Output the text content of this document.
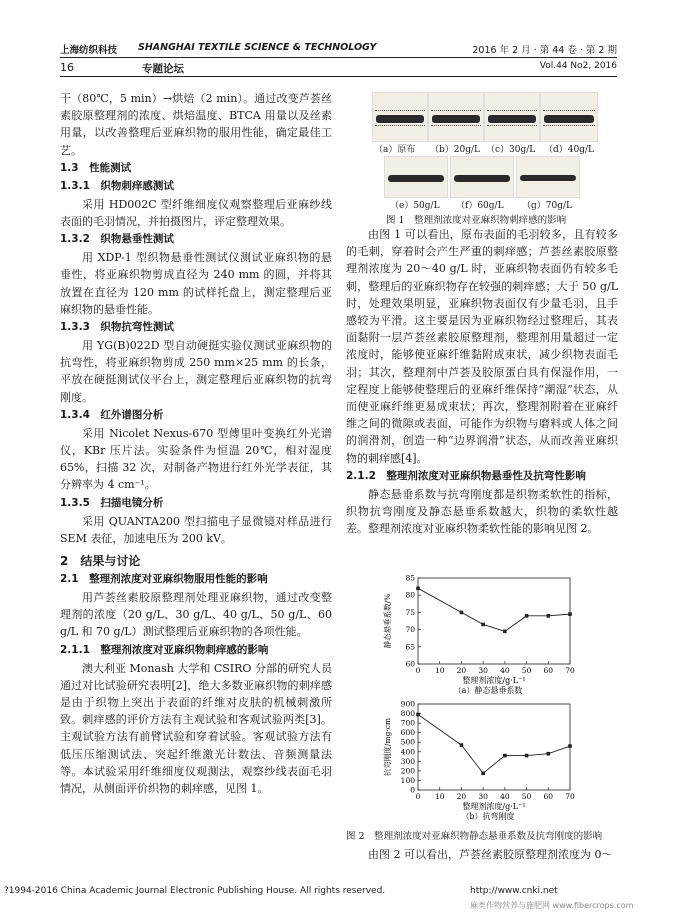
上海纺织科技 SHANGHAI TEXTILE SCIENCE & TECHNOLOGY	2016 年 2 月 · 第 44 卷 · 第 2 期
16	专题论坛	Vol.44 No2, 2016

干（80℃，5 min）→烘焙（2 min）。通过改变芦荟丝素胶原整理剂的浓度、烘焙温度、BTCA 用量以及丝素用量，以改善整理后亚麻织物的服用性能，确定最佳工艺。

1.3　性能测试
1.3.1　织物刺痒感测试

采用 HD002C 型纤维细度仪观察整理后亚麻纱线表面的毛羽情况，并拍摄图片，评定整理效果。

1.3.2　织物悬垂性测试

用 XDP-1 型织物悬垂性测试仪测试亚麻织物的悬垂性，将亚麻织物剪成直径为 240 mm 的圆，并将其放置在直径为 120 mm 的试样托盘上，测定整理后亚麻织物的悬垂性能。

1.3.3　织物抗弯性测试

用 YG(B)022D 型自动硬挺实验仪测试亚麻织物的抗弯性，将亚麻织物剪成 250 mm×25 mm 的长条，平放在硬挺测试仪平台上，测定整理后亚麻织物的抗弯刚度。

1.3.4　红外谱图分析

采用 Nicolet Nexus-670 型傅里叶变换红外光谱仪，KBr 压片法。实验条件为恒温 20℃，相对湿度 65%，扫描 32 次，对制备产物进行红外光学表征，其分辨率为 4 cm⁻¹。

1.3.5　扫描电镜分析

采用 QUANTA200 型扫描电子显微镜对样品进行 SEM 表征，加速电压为 200 kV。

2　结果与讨论
2.1　整理剂浓度对亚麻织物服用性能的影响

用芦荟丝素胶原整理剂处理亚麻织物，通过改变整理剂的浓度（20 g/L、30 g/L、40 g/L、50 g/L、60 g/L 和 70 g/L）测试整理后亚麻织物的各项性能。

2.1.1　整理剂浓度对亚麻织物刺痒感的影响

澳大利亚 Monash 大学和 CSIRO 分部的研究人员通过对比试验研究表明[2]，绝大多数亚麻织物的刺痒感是由于织物上突出于表面的纤维对皮肤的机械刺激所致。刺痒感的评价方法有主观试验和客观试验两类[3]。主观试验方法有前臂试验和穿着试验。客观试验方法有低压压缩测试法、突起纤维激光计数法、音频测量法等。本试验采用纤维细度仪观测法，观察纱线表面毛羽情况，从侧面评价织物的刺痒感，见图 1。

（a）原布 （b）20g/L （c）30g/L （d）40g/L
（e）50g/L （f）60g/L （g）70g/L
图 1　整理剂浓度对亚麻织物刺痒感的影响

由图 1 可以看出，原布表面的毛羽较多，且有较多的毛刺，穿着时会产生严重的刺痒感；芦荟丝素胶原整理剂浓度为 20～40 g/L 时，亚麻织物表面仍有较多毛刺，整理后的亚麻织物存在较强的刺痒感；大于 50 g/L 时，处理效果明显，亚麻织物表面仅有少量毛羽，且手感较为平滑。这主要是因为亚麻织物经过整理后，其表面黏附一层芦荟丝素胶原整理剂，整理剂用量超过一定浓度时，能够使亚麻纤维黏附成束状，减少织物表面毛羽；其次，整理剂中芦荟及胶原蛋白具有保湿作用，一定程度上能够使整理后的亚麻纤维保持“潮湿”状态，从而使亚麻纤维更易成束状；再次，整理剂附着在亚麻纤维之间的微隙或表面，可能作为织物与磨料或人体之间的润滑剂，创造一种“边界润滑”状态，从而改善亚麻织物的刺痒感[4]。

2.1.2　整理剂浓度对亚麻织物悬垂性及抗弯性影响

静态悬垂系数与抗弯刚度都是织物柔软性的指标，织物抗弯刚度及静态悬垂系数越大，织物的柔软性越差。整理剂浓度对亚麻织物柔软性能的影响见图 2。

0 10 20 30 40 50 60 70
60
65
70
75
80
85
整理剂浓度/g·L⁻¹
静态悬垂系数/%
（a）静态悬垂系数
0 10 20 30 40 50 60 70
0
100
200
300
400
500
600
700
800
900
整理剂浓度/g·L⁻¹
抗弯刚度/mg·cm
（b）抗弯刚度
图 2　整理剂浓度对亚麻织物静态悬垂系数及抗弯刚度的影响

由图 2 可以看出，芦荟丝素胶原整理剂浓度为 0～

?1994-2016 China Academic Journal Electronic Publishing House. All rights reserved.	http://www.cnki.net
麻类作物营养与施肥网 www.fibercrops.com
